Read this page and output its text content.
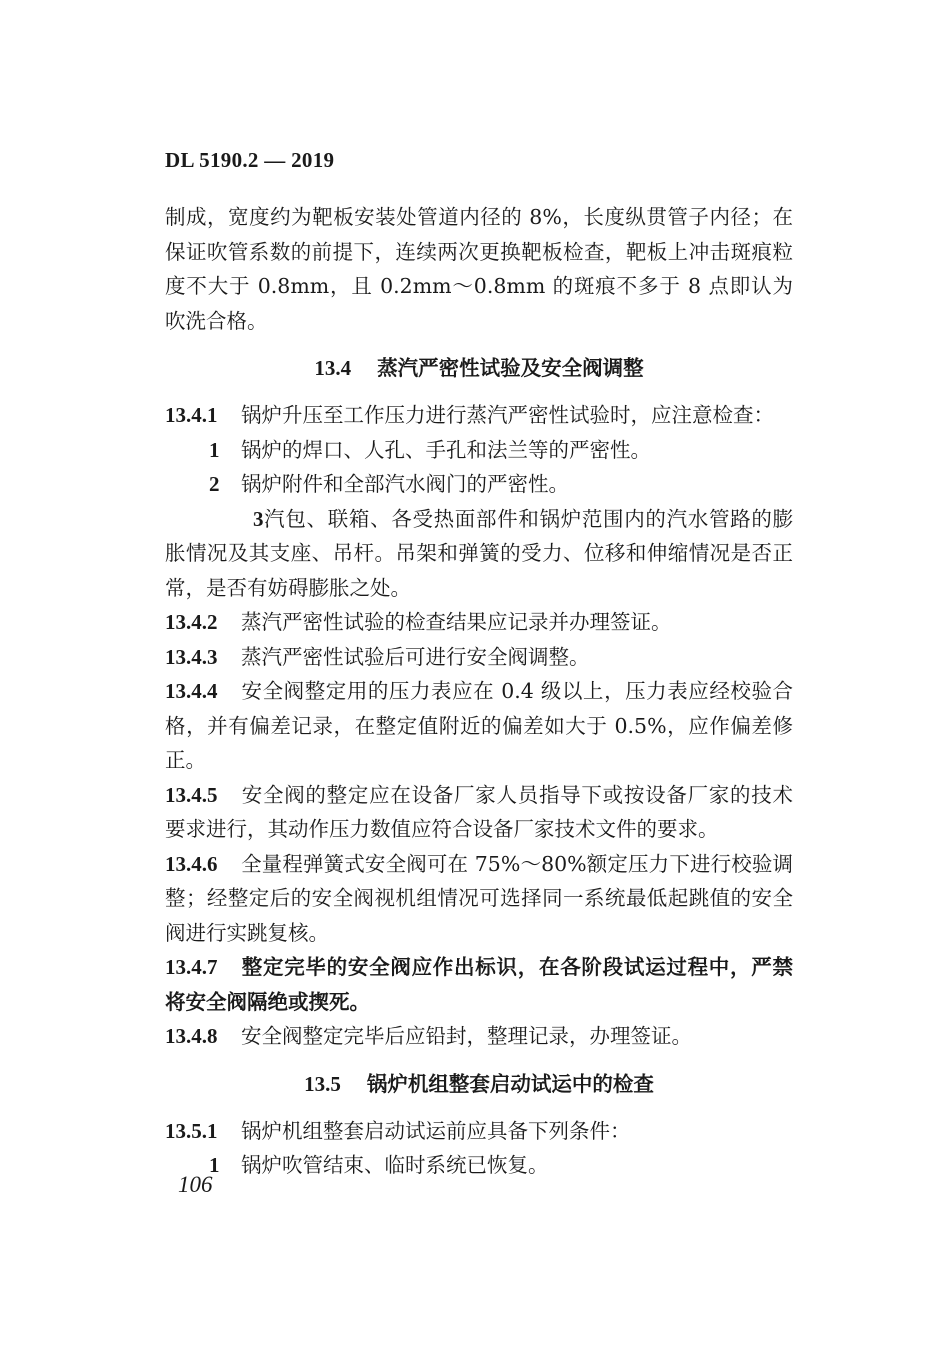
DL 5190.2 — 2019

制成，宽度约为靶板安装处管道内径的 8%，长度纵贯管子内径；在保证吹管系数的前提下，连续两次更换靶板检查，靶板上冲击斑痕粒度不大于 0.8mm，且 0.2mm～0.8mm 的斑痕不多于 8 点即认为吹洗合格。

13.4 蒸汽严密性试验及安全阀调整

13.4.1 锅炉升压至工作压力进行蒸汽严密性试验时，应注意检查：

1 锅炉的焊口、人孔、手孔和法兰等的严密性。

2 锅炉附件和全部汽水阀门的严密性。

3汽包、联箱、各受热面部件和锅炉范围内的汽水管路的膨胀情况及其支座、吊杆。吊架和弹簧的受力、位移和伸缩情况是否正常，是否有妨碍膨胀之处。

13.4.2 蒸汽严密性试验的检查结果应记录并办理签证。

13.4.3 蒸汽严密性试验后可进行安全阀调整。

13.4.4 安全阀整定用的压力表应在 0.4 级以上，压力表应经校验合格，并有偏差记录，在整定值附近的偏差如大于 0.5%，应作偏差修正。

13.4.5 安全阀的整定应在设备厂家人员指导下或按设备厂家的技术要求进行，其动作压力数值应符合设备厂家技术文件的要求。

13.4.6 全量程弹簧式安全阀可在 75%～80%额定压力下进行校验调整；经整定后的安全阀视机组情况可选择同一系统最低起跳值的安全阀进行实跳复核。

13.4.7 整定完毕的安全阀应作出标识，在各阶段试运过程中，严禁将安全阀隔绝或揳死。

13.4.8 安全阀整定完毕后应铅封，整理记录，办理签证。

13.5 锅炉机组整套启动试运中的检查

13.5.1 锅炉机组整套启动试运前应具备下列条件：

1 锅炉吹管结束、临时系统已恢复。

106
